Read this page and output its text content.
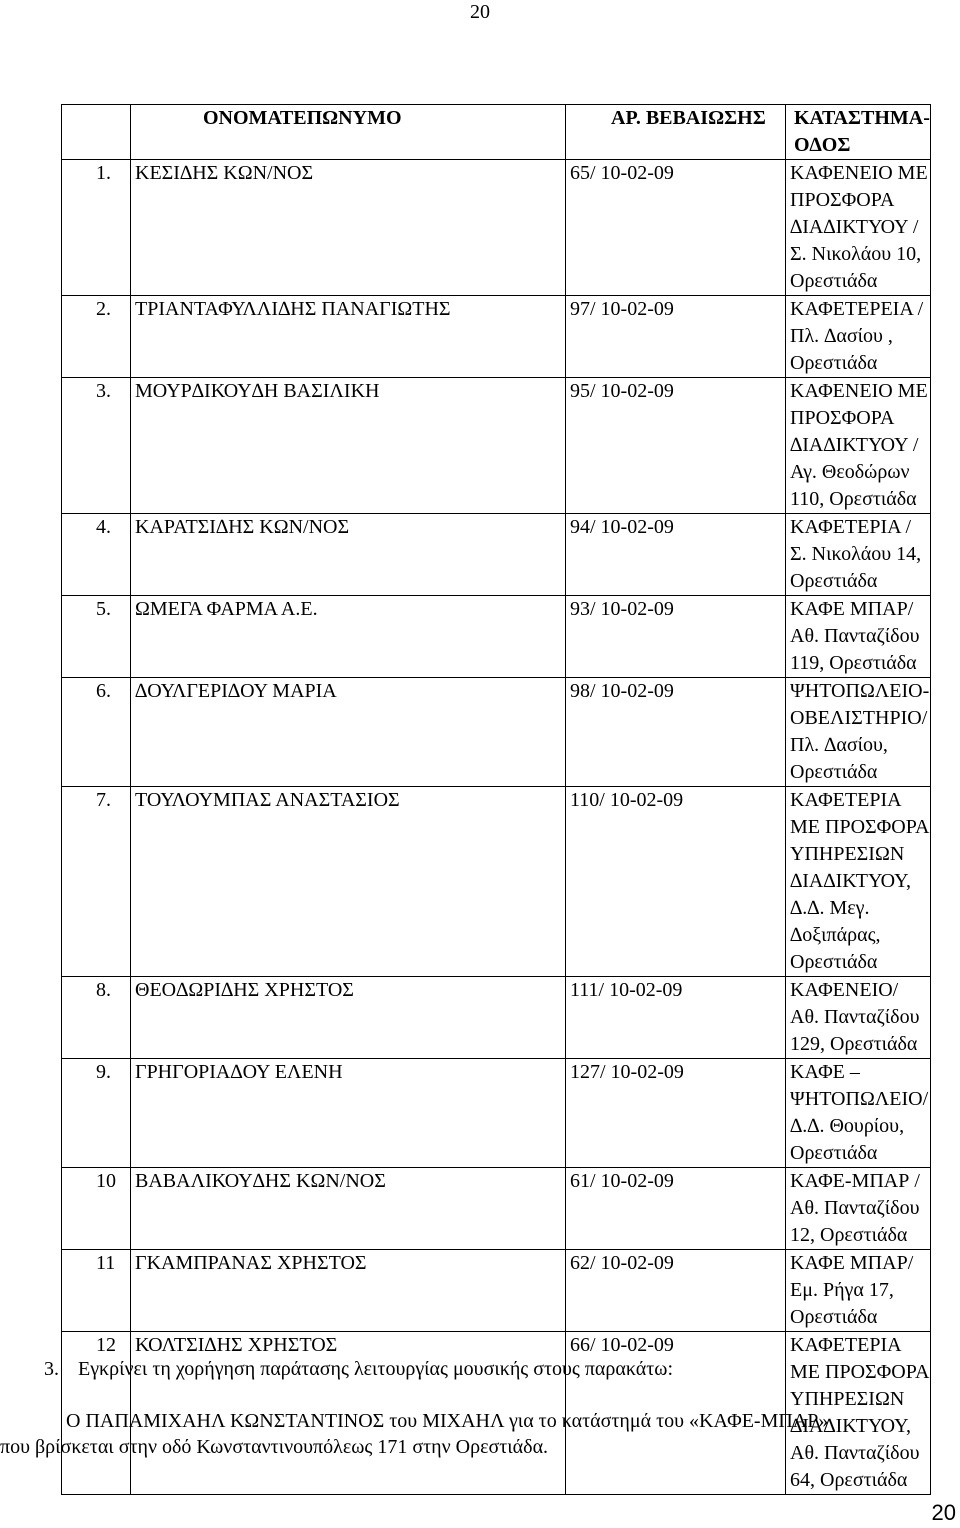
20
	ΟΝΟΜΑΤΕΠΩΝΥΜΟ	ΑΡ. ΒΕΒΑΙΩΣΗΣ	ΚΑΤΑΣΤΗΜΑ-Ο∆ΟΣ
1.	ΚΕΣΙ∆ΗΣ ΚΩΝ/ΝΟΣ	65/ 10-02-09	ΚΑΦΕΝΕΙΟ ΜΕ ΠΡΟΣΦΟΡΑ ∆ΙΑ∆ΙΚΤΥΟΥ / Σ. Νικολάου 10, Ορεστιάδα
2.	ΤΡΙΑΝΤΑΦΥΛΛΙ∆ΗΣ ΠΑΝΑΓΙΩΤΗΣ	97/ 10-02-09	ΚΑΦΕΤΕΡΕΙΑ / Πλ. ∆ασίου , Ορεστιάδα
3.	ΜΟΥΡ∆ΙΚΟΥ∆Η ΒΑΣΙΛΙΚΗ	95/ 10-02-09	ΚΑΦΕΝΕΙΟ ΜΕ ΠΡΟΣΦΟΡΑ ∆ΙΑ∆ΙΚΤΥΟΥ / Αγ. Θεοδώρων 110, Ορεστιάδα
4.	ΚΑΡΑΤΣΙ∆ΗΣ ΚΩΝ/ΝΟΣ	94/ 10-02-09	ΚΑΦΕΤΕΡΙΑ / Σ. Νικολάου 14, Ορεστιάδα
5.	ΩΜΕΓΑ ΦΑΡΜΑ Α.Ε.	93/ 10-02-09	ΚΑΦΕ ΜΠΑΡ/ Αθ. Πανταζίδου 119, Ορεστιάδα
6.	∆ΟΥΛΓΕΡΙ∆ΟΥ ΜΑΡΙΑ	98/ 10-02-09	ΨΗΤΟΠΩΛΕΙΟ-ΟΒΕΛΙΣΤΗΡΙΟ/ Πλ. ∆ασίου, Ορεστιάδα
7.	ΤΟΥΛΟΥΜΠΑΣ ΑΝΑΣΤΑΣΙΟΣ	110/ 10-02-09	ΚΑΦΕΤΕΡΙΑ ΜΕ ΠΡΟΣΦΟΡΑ ΥΠΗΡΕΣΙΩΝ ∆ΙΑ∆ΙΚΤΥΟΥ, ∆.∆. Μεγ. ∆οξιπάρας, Ορεστιάδα
8.	ΘΕΟ∆ΩΡΙ∆ΗΣ ΧΡΗΣΤΟΣ	111/ 10-02-09	ΚΑΦΕΝΕΙΟ/ Αθ. Πανταζίδου 129, Ορεστιάδα
9.	ΓΡΗΓΟΡΙΑ∆ΟΥ ΕΛΕΝΗ	127/ 10-02-09	ΚΑΦΕ – ΨΗΤΟΠΩΛΕΙΟ/ ∆.∆. Θουρίου, Ορεστιάδα
10	ΒΑΒΑΛΙΚΟΥ∆ΗΣ ΚΩΝ/ΝΟΣ	61/ 10-02-09	ΚΑΦΕ-ΜΠΑΡ / Αθ. Πανταζίδου 12, Ορεστιάδα
11	ΓΚΑΜΠΡΑΝΑΣ ΧΡΗΣΤΟΣ	62/ 10-02-09	ΚΑΦΕ ΜΠΑΡ/ Εμ. Ρήγα 17, Ορεστιάδα
12	ΚΟΛΤΣΙ∆ΗΣ ΧΡΗΣΤΟΣ	66/ 10-02-09	ΚΑΦΕΤΕΡΙΑ ΜΕ ΠΡΟΣΦΟΡΑ ΥΠΗΡΕΣΙΩΝ ∆ΙΑ∆ΙΚΤΥΟΥ, Αθ. Πανταζίδου 64, Ορεστιάδα
3. Εγκρίνει τη χορήγηση παράτασης λειτουργίας μουσικής στους παρακάτω:
Ο ΠΑΠΑΜΙΧΑΗΛ ΚΩΝΣΤΑΝΤΙΝΟΣ του ΜΙΧΑΗΛ για το κατάστημά του «ΚΑΦΕ-ΜΠΑΡ»
που βρίσκεται στην οδό Κωνσταντινουπόλεως 171 στην Ορεστιάδα.
20
